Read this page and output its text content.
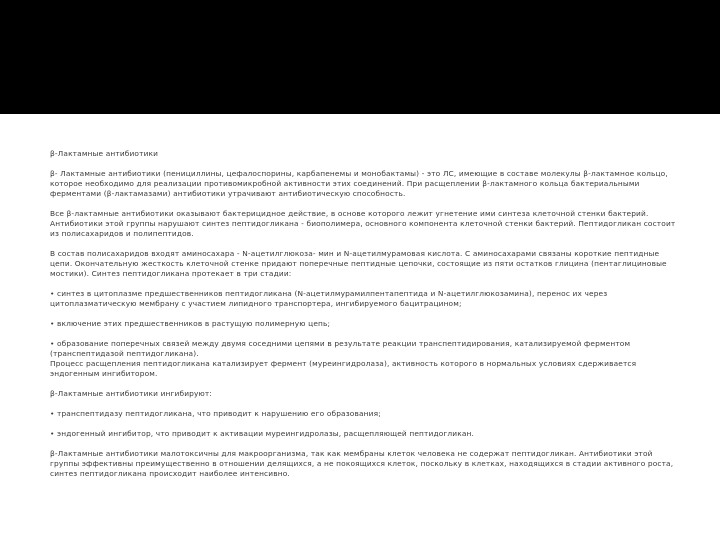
β-Лактамные антибиотики

β- Лактамные антибиотики (пенициллины, цефалоспорины, карбапенемы и монобактамы) - это ЛС, имеющие в составе молекулы β-лактамное кольцо, которое необходимо для реализации противомикробной активности этих соединений. При расщеплении β-лактамного кольца бактериальными ферментами (β-лактамазами) антибиотики утрачивают антибиотическую способность.

Все β-лактамные антибиотики оказывают бактерицидное действие, в основе которого лежит угнетение ими синтеза клеточной стенки бактерий. Антибиотики этой группы нарушают синтез пептидогликана - биополимера, основного компонента клеточной стенки бактерий. Пептидогликан состоит из полисахаридов и полипептидов.

В состав полисахаридов входят аминосахара - N-ацетилглюкоза- мин и N-ацетилмурамовая кислота. С аминосахарами связаны короткие пептидные цепи. Окончательную жесткость клеточной стенке придают поперечные пептидные цепочки, состоящие из пяти остатков глицина (пентаглициновые мостики). Синтез пептидогликана протекает в три стадии:

• синтез в цитоплазме предшественников пептидогликана (N-ацетилмурамилпентапептида и N-ацетилглюкозамина), перенос их через цитоплазматическую мембрану с участием липидного транспортера, ингибируемого бацитрацином;

• включение этих предшественников в растущую полимерную цепь;

• образование поперечных связей между двумя соседними цепями в результате реакции транспептидирования, катализируемой ферментом (транспептидазой пептидогликана).

Процесс расщепления пептидогликана катализирует фермент (муреингидролаза), активность которого в нормальных условиях сдерживается эндогенным ингибитором.

β-Лактамные антибиотики ингибируют:

• транспептидазу пептидогликана, что приводит к нарушению его образования;

• эндогенный ингибитор, что приводит к активации муреингидролазы, расщепляющей пептидогликан.

β-Лактамные антибиотики малотоксичны для макроорганизма, так как мембраны клеток человека не содержат пептидогликан. Антибиотики этой группы эффективны преимущественно в отношении делящихся, а не покоящихся клеток, поскольку в клетках, находящихся в стадии активного роста, синтез пептидогликана происходит наиболее интенсивно.
